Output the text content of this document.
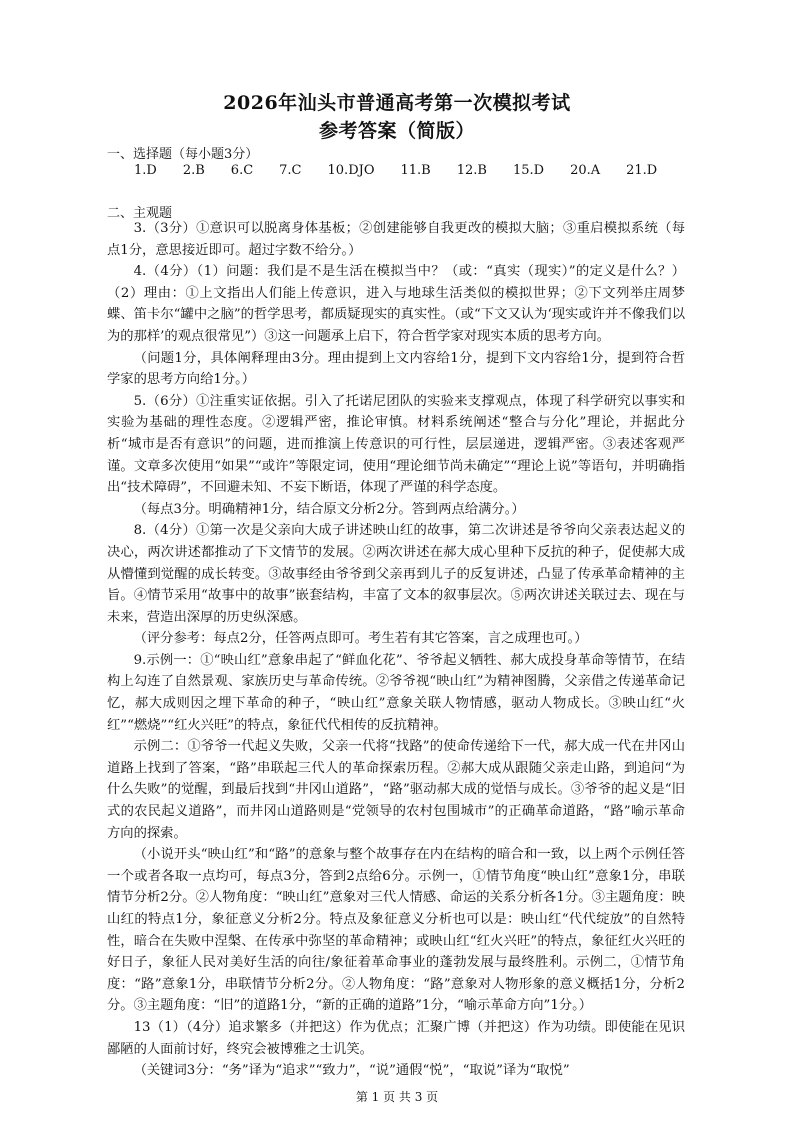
2026年汕头市普通高考第一次模拟考试
参考答案（简版）

一、选择题（每小题3分）

1.D 2.B 6.C 7.C 10.DJO 11.B 12.B 15.D 20.A 21.D

二、主观题

3.（3分）①意识可以脱离身体基板；②创建能够自我更改的模拟大脑；③重启模拟系统（每点1分，意思接近即可。超过字数不给分。）

4.（4分）（1）问题：我们是不是生活在模拟当中？（或：“真实（现实）”的定义是什么？）（2）理由：①上文指出人们能上传意识，进入与地球生活类似的模拟世界；②下文列举庄周梦蝶、笛卡尔“罐中之脑”的哲学思考，都质疑现实的真实性。（或“下文又认为‘现实或许并不像我们以为的那样’的观点很常见”）③这一问题承上启下，符合哲学家对现实本质的思考方向。

（问题1分，具体阐释理由3分。理由提到上文内容给1分，提到下文内容给1分，提到符合哲学家的思考方向给1分。）

5.（6分）①注重实证依据。引入了托诺尼团队的实验来支撑观点，体现了科学研究以事实和实验为基础的理性态度。②逻辑严密，推论审慎。材料系统阐述“整合与分化”理论，并据此分析“城市是否有意识”的问题，进而推演上传意识的可行性，层层递进，逻辑严密。③表述客观严谨。文章多次使用“如果”“或许”等限定词，使用“理论细节尚未确定”“理论上说”等语句，并明确指出“技术障碍”，不回避未知、不妄下断语，体现了严谨的科学态度。

（每点3分。明确精神1分，结合原文分析2分。答到两点给满分。）

8.（4分）①第一次是父亲向大成子讲述映山红的故事，第二次讲述是爷爷向父亲表达起义的决心，两次讲述都推动了下文情节的发展。②两次讲述在郝大成心里种下反抗的种子，促使郝大成从懵懂到觉醒的成长转变。③故事经由爷爷到父亲再到儿子的反复讲述，凸显了传承革命精神的主旨。④情节采用“故事中的故事”嵌套结构，丰富了文本的叙事层次。⑤两次讲述关联过去、现在与未来，营造出深厚的历史纵深感。

（评分参考：每点2分，任答两点即可。考生若有其它答案，言之成理也可。）

9.示例一：①“映山红”意象串起了“鲜血化花”、爷爷起义牺牲、郝大成投身革命等情节，在结构上勾连了自然景观、家族历史与革命传统。②爷爷视“映山红”为精神图腾，父亲借之传递革命记忆，郝大成则因之埋下革命的种子，“映山红”意象关联人物情感，驱动人物成长。③映山红“火红”“燃烧”“红火兴旺”的特点，象征代代相传的反抗精神。

示例二：①爷爷一代起义失败，父亲一代将“找路”的使命传递给下一代，郝大成一代在井冈山道路上找到了答案，“路”串联起三代人的革命探索历程。②郝大成从跟随父亲走山路，到追问“为什么失败”的觉醒，到最后找到“井冈山道路”，“路”驱动郝大成的觉悟与成长。③爷爷的起义是“旧式的农民起义道路”，而井冈山道路则是“党领导的农村包围城市”的正确革命道路，“路”喻示革命方向的探索。

（小说开头“映山红”和“路”的意象与整个故事存在内在结构的暗合和一致，以上两个示例任答一个或者各取一点均可，每点3分，答到2点给6分。示例一，①情节角度“映山红”意象1分，串联情节分析2分。②人物角度：“映山红”意象对三代人情感、命运的关系分析各1分。③主题角度：映山红的特点1分，象征意义分析2分。特点及象征意义分析也可以是：映山红“代代绽放”的自然特性，暗合在失败中涅槃、在传承中弥坚的革命精神；或映山红“红火兴旺”的特点，象征红火兴旺的好日子，象征人民对美好生活的向往/象征着革命事业的蓬勃发展与最终胜利。示例二，①情节角度：“路”意象1分，串联情节分析2分。②人物角度：“路”意象对人物形象的意义概括1分，分析2分。③主题角度：“旧”的道路1分，“新的正确的道路”1分，“喻示革命方向”1分。）

13（1）（4分）追求繁多（并把这）作为优点；汇聚广博（并把这）作为功绩。即使能在见识鄙陋的人面前讨好，终究会被博雅之士讥笑。

（关键词3分：“务”译为“追求”“致力”，“说”通假“悦”，“取说”译为“取悦”

第 1 页 共 3 页
